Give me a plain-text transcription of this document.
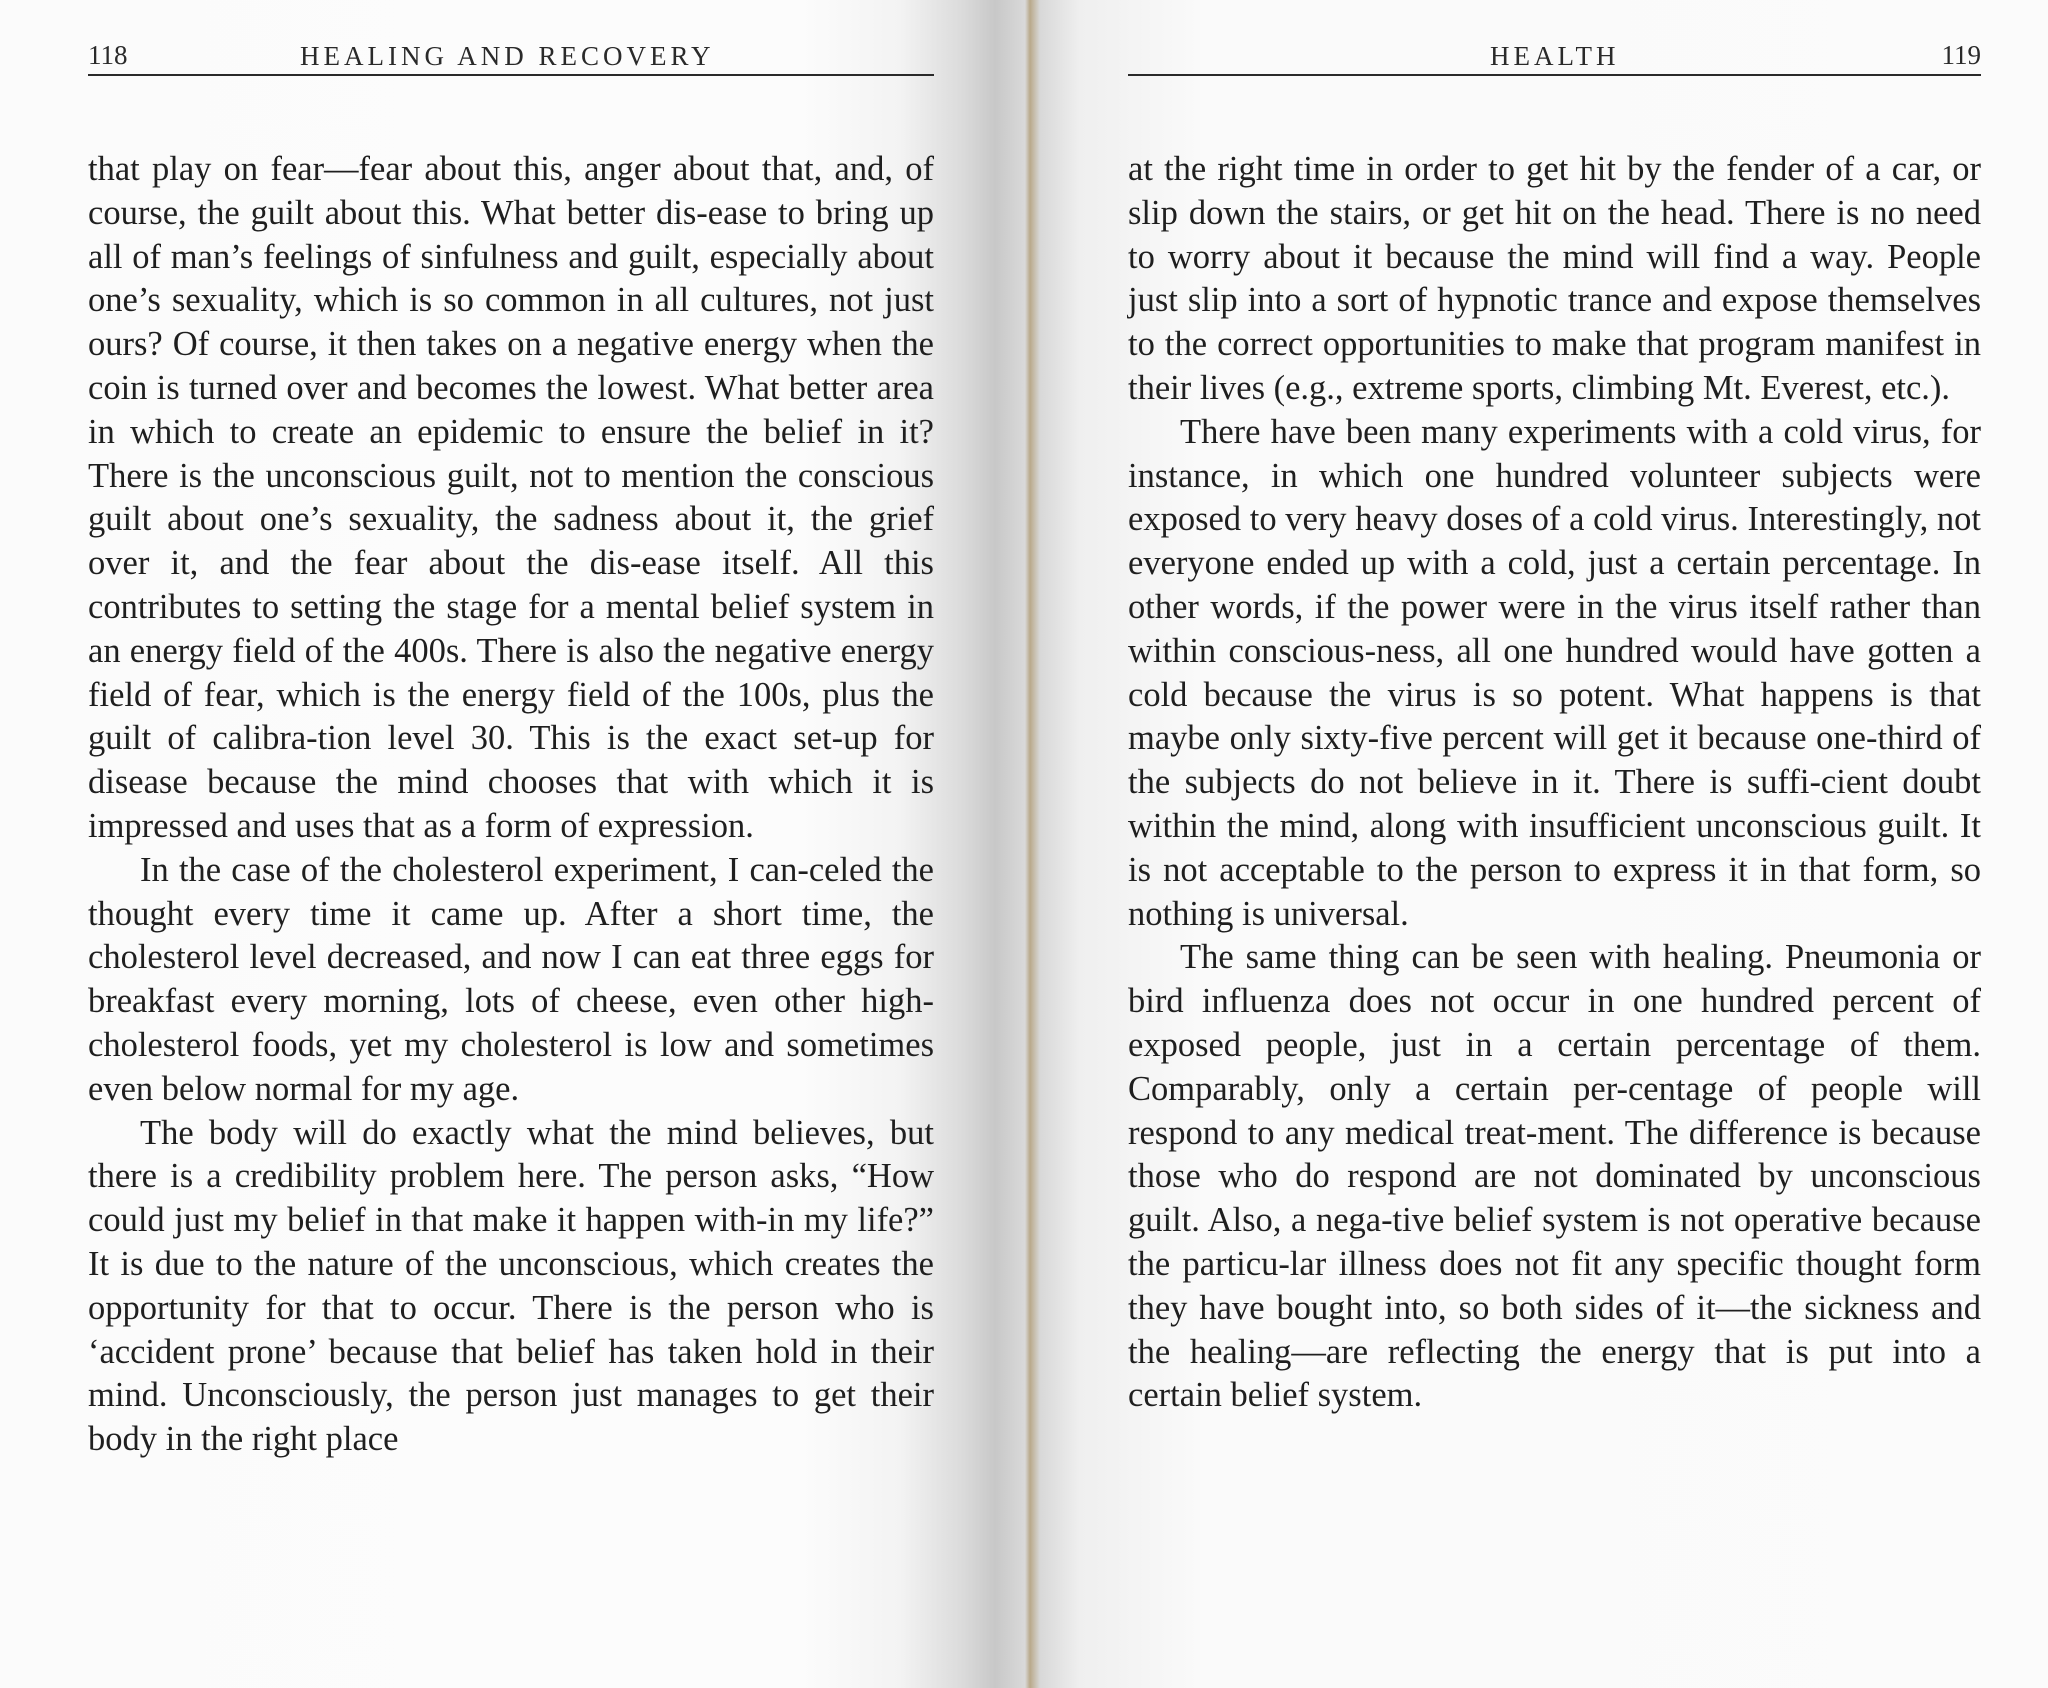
118	HEALING AND RECOVERY

that play on fear—fear about this, anger about that, and, of course, the guilt about this. What better dis-ease to bring up all of man’s feelings of sinfulness and guilt, especially about one’s sexuality, which is so common in all cultures, not just ours? Of course, it then takes on a negative energy when the coin is turned over and becomes the lowest. What better area in which to create an epidemic to ensure the belief in it? There is the unconscious guilt, not to mention the conscious guilt about one’s sexuality, the sadness about it, the grief over it, and the fear about the dis-ease itself. All this contributes to setting the stage for a mental belief system in an energy field of the 400s. There is also the negative energy field of fear, which is the energy field of the 100s, plus the guilt of calibra-tion level 30. This is the exact set-up for disease because the mind chooses that with which it is impressed and uses that as a form of expression.

In the case of the cholesterol experiment, I can-celed the thought every time it came up. After a short time, the cholesterol level decreased, and now I can eat three eggs for breakfast every morning, lots of cheese, even other high-cholesterol foods, yet my cholesterol is low and sometimes even below normal for my age.

The body will do exactly what the mind believes, but there is a credibility problem here. The person asks, “How could just my belief in that make it happen with-in my life?” It is due to the nature of the unconscious, which creates the opportunity for that to occur. There is the person who is ‘accident prone’ because that belief has taken hold in their mind. Unconsciously, the person just manages to get their body in the right place

HEALTH	119

at the right time in order to get hit by the fender of a car, or slip down the stairs, or get hit on the head. There is no need to worry about it because the mind will find a way. People just slip into a sort of hypnotic trance and expose themselves to the correct opportunities to make that program manifest in their lives (e.g., extreme sports, climbing Mt. Everest, etc.).

There have been many experiments with a cold virus, for instance, in which one hundred volunteer subjects were exposed to very heavy doses of a cold virus. Interestingly, not everyone ended up with a cold, just a certain percentage. In other words, if the power were in the virus itself rather than within conscious-ness, all one hundred would have gotten a cold because the virus is so potent. What happens is that maybe only sixty-five percent will get it because one-third of the subjects do not believe in it. There is suffi-cient doubt within the mind, along with insufficient unconscious guilt. It is not acceptable to the person to express it in that form, so nothing is universal.

The same thing can be seen with healing. Pneumonia or bird influenza does not occur in one hundred percent of exposed people, just in a certain percentage of them. Comparably, only a certain per-centage of people will respond to any medical treat-ment. The difference is because those who do respond are not dominated by unconscious guilt. Also, a nega-tive belief system is not operative because the particu-lar illness does not fit any specific thought form they have bought into, so both sides of it—the sickness and the healing—are reflecting the energy that is put into a certain belief system.
